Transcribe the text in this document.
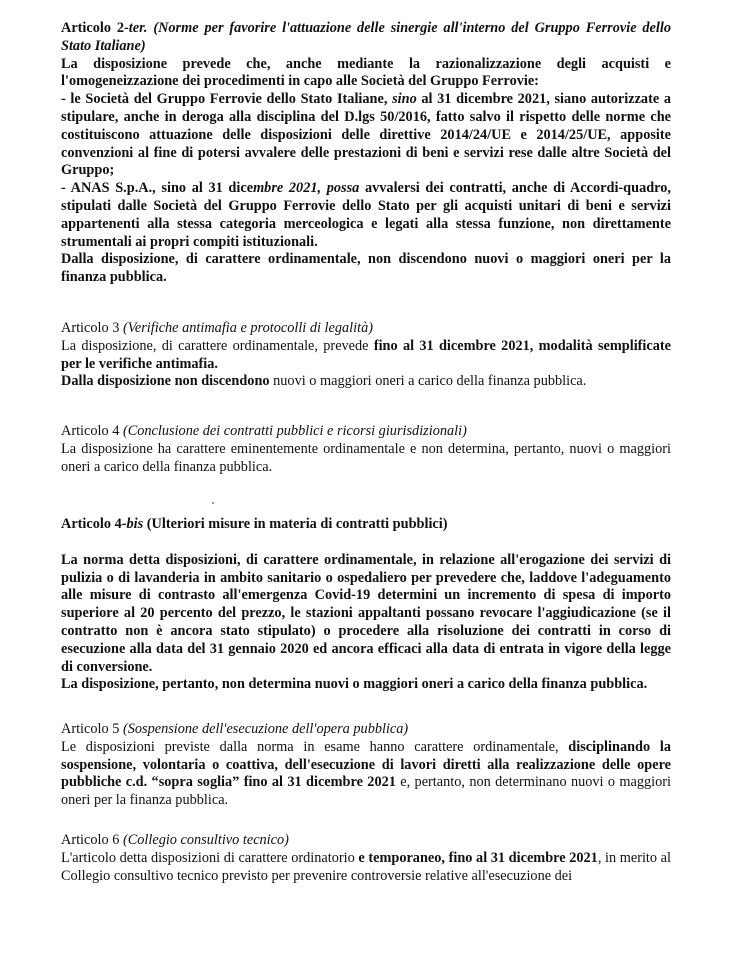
Articolo 2-ter. (Norme per favorire l'attuazione delle sinergie all'interno del Gruppo Ferrovie dello Stato Italiane)

La disposizione prevede che, anche mediante la razionalizzazione degli acquisti e l'omogeneizzazione dei procedimenti in capo alle Società del Gruppo Ferrovie:

- le Società del Gruppo Ferrovie dello Stato Italiane, sino al 31 dicembre 2021, siano autorizzate a stipulare, anche in deroga alla disciplina del D.lgs 50/2016, fatto salvo il rispetto delle norme che costituiscono attuazione delle disposizioni delle direttive 2014/24/UE e 2014/25/UE, apposite convenzioni al fine di potersi avvalere delle prestazioni di beni e servizi rese dalle altre Società del Gruppo;

- ANAS S.p.A., sino al 31 dicembre 2021, possa avvalersi dei contratti, anche di Accordi-quadro, stipulati dalle Società del Gruppo Ferrovie dello Stato per gli acquisti unitari di beni e servizi appartenenti alla stessa categoria merceologica e legati alla stessa funzione, non direttamente strumentali ai propri compiti istituzionali.

Dalla disposizione, di carattere ordinamentale, non discendono nuovi o maggiori oneri per la finanza pubblica.

Articolo 3 (Verifiche antimafia e protocolli di legalità)

La disposizione, di carattere ordinamentale, prevede fino al 31 dicembre 2021, modalità semplificate per le verifiche antimafia.

Dalla disposizione non discendono nuovi o maggiori oneri a carico della finanza pubblica.

Articolo 4 (Conclusione dei contratti pubblici e ricorsi giurisdizionali)

La disposizione ha carattere eminentemente ordinamentale e non determina, pertanto, nuovi o maggiori oneri a carico della finanza pubblica.

Articolo 4-bis (Ulteriori misure in materia di contratti pubblici)

La norma detta disposizioni, di carattere ordinamentale, in relazione all'erogazione dei servizi di pulizia o di lavanderia in ambito sanitario o ospedaliero per prevedere che, laddove l'adeguamento alle misure di contrasto all'emergenza Covid-19 determini un incremento di spesa di importo superiore al 20 percento del prezzo, le stazioni appaltanti possano revocare l'aggiudicazione (se il contratto non è ancora stato stipulato) o procedere alla risoluzione dei contratti in corso di esecuzione alla data del 31 gennaio 2020 ed ancora efficaci alla data di entrata in vigore della legge di conversione.

La disposizione, pertanto, non determina nuovi o maggiori oneri a carico della finanza pubblica.

Articolo 5 (Sospensione dell'esecuzione dell'opera pubblica)

Le disposizioni previste dalla norma in esame hanno carattere ordinamentale, disciplinando la sospensione, volontaria o coattiva, dell'esecuzione di lavori diretti alla realizzazione delle opere pubbliche c.d. “sopra soglia” fino al 31 dicembre 2021 e, pertanto, non determinano nuovi o maggiori oneri per la finanza pubblica.

Articolo 6 (Collegio consultivo tecnico)

L'articolo detta disposizioni di carattere ordinatorio e temporaneo, fino al 31 dicembre 2021, in merito al Collegio consultivo tecnico previsto per prevenire controversie relative all'esecuzione dei
